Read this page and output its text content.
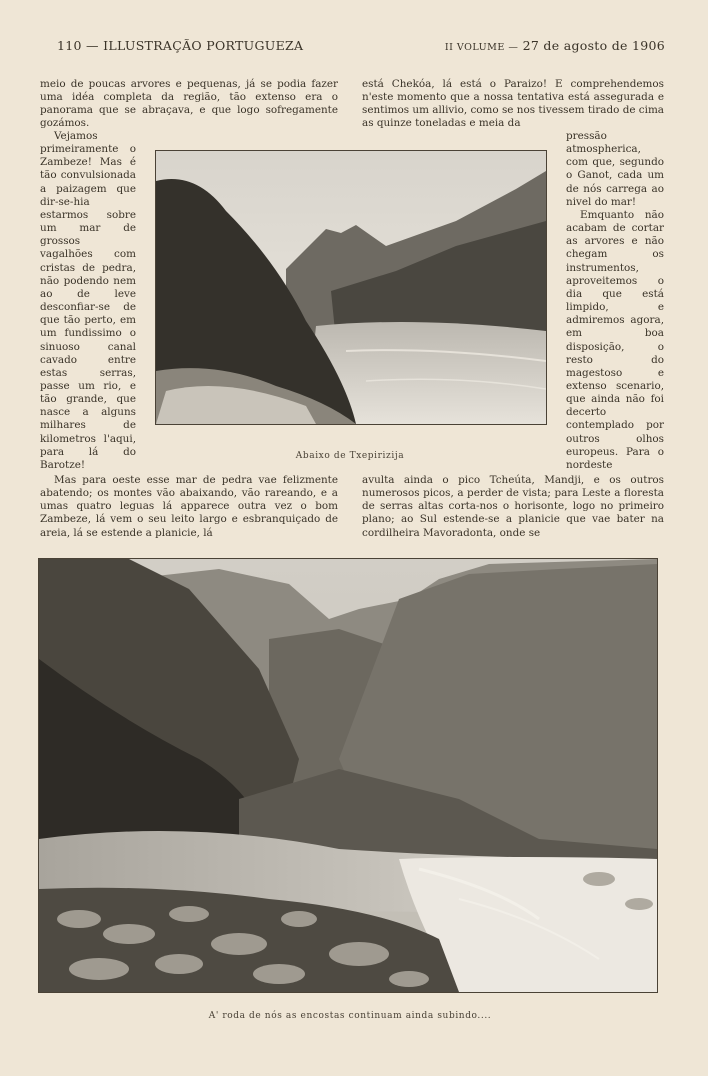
110 — ILLUSTRAÇÃO PORTUGUEZA	II VOLUME — 27 de agosto de 1906

meio de poucas arvores e pequenas, já se podia fazer uma idéa completa da região, tão extenso era o panorama que se abraçava, e que logo sofregamente gozámos.

Vejamos primeiramente o Zambeze! Mas é tão convulsionada a paizagem que dir-se-hia estarmos sobre um mar de grossos vagalhões com cristas de pedra, não podendo nem ao de leve desconfiar-se de que tão perto, em um fundissimo o sinuoso canal cavado entre estas serras, passe um rio, e tão grande, que nasce a alguns milhares de kilometros l'aqui, para lá do Barotze!

Mas para oeste esse mar de pedra vae felizmente abatendo; os montes vão abaixando, vão rareando, e a umas quatro leguas lá apparece outra vez o bom Zambeze, lá vem o seu leito largo e esbranquiçado de areia, lá se estende a planicie, lá

está Chekóa, lá está o Paraizo! E comprehendemos n'este momento que a nossa tentativa está assegurada e sentimos um allivio, como se nos tivessem tirado de cima as quinze toneladas e meia da

pressão atmospherica, com que, segundo o Ganot, cada um de nós carrega ao nivel do mar!

Emquanto não acabam de cortar as arvores e não chegam os instrumentos, aproveitemos o dia que está limpido, e admiremos agora, em boa disposição, o resto do magestoso e extenso scenario, que ainda não foi decerto contemplado por outros olhos europeus. Para o nordeste

avulta ainda o pico Tcheúta, Mandji, e os outros numerosos picos, a perder de vista; para Leste a floresta de serras altas corta-nos o horisonte, logo no primeiro plano; ao Sul estende-se a planicie que vae bater na cordilheira Mavoradonta, onde se

Abaixo de Txepirizija
A' roda de nós as encostas continuam ainda subindo....
